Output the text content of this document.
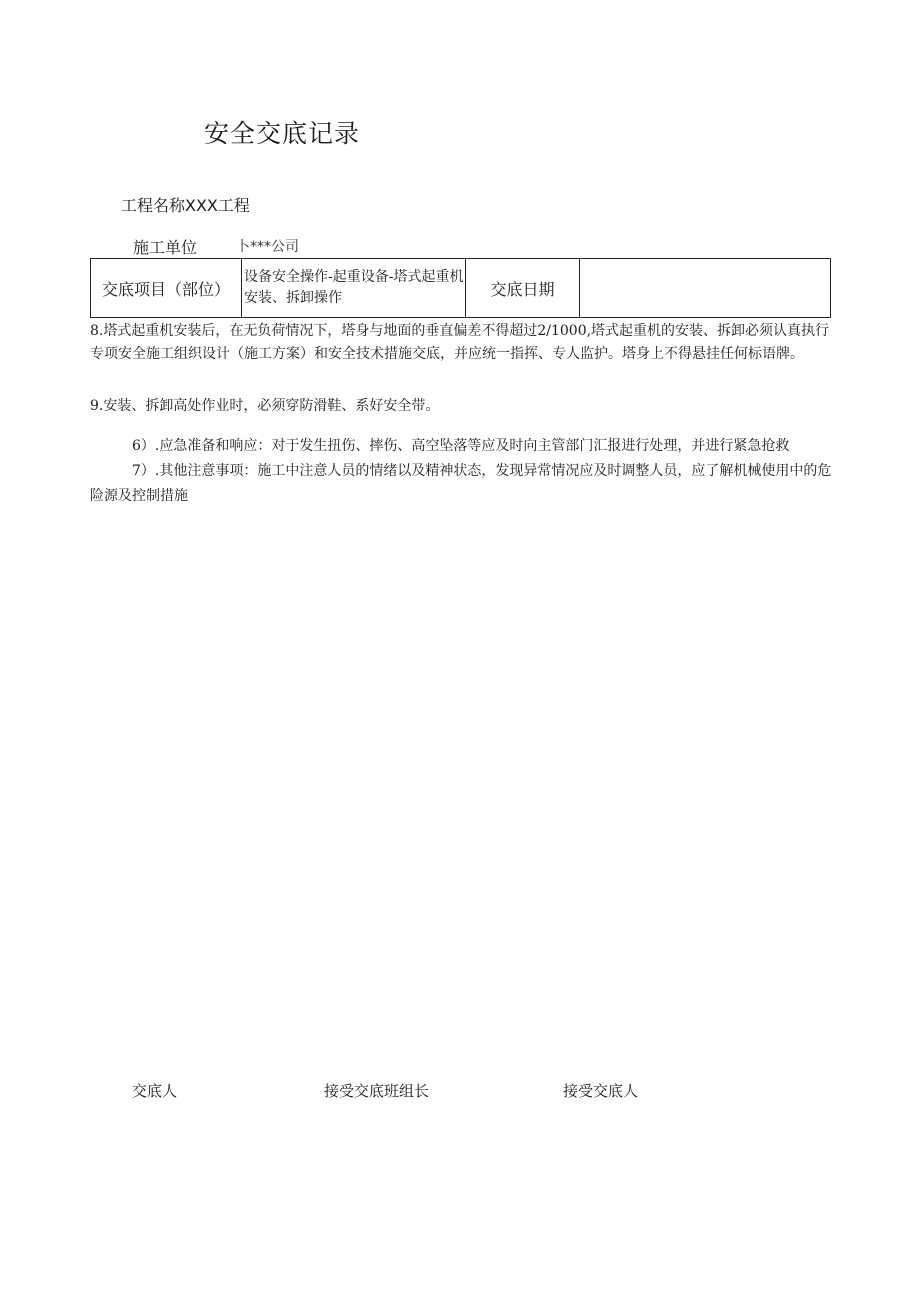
安全交底记录
工程名称XXX工程
施工单位	卜***公司
交底项目（部位）	设备安全操作-起重设备-塔式起重机安装、拆卸操作	交底日期	

8.塔式起重机安装后，在无负荷情况下，塔身与地面的垂直偏差不得超过2/1000,塔式起重机的安装、拆卸必须认真执行专项安全施工组织设计（施工方案）和安全技术措施交底，并应统一指挥、专人监护。塔身上不得悬挂任何标语牌。

9.安装、拆卸高处作业时，必须穿防滑鞋、系好安全带。

6）.应急准备和响应：对于发生扭伤、摔伤、高空坠落等应及时向主管部门汇报进行处理，并进行紧急抢救

7）.其他注意事项：施工中注意人员的情绪以及精神状态，发现异常情况应及时调整人员，应了解机械使用中的危险源及控制措施

交底人	接受交底班组长	接受交底人
